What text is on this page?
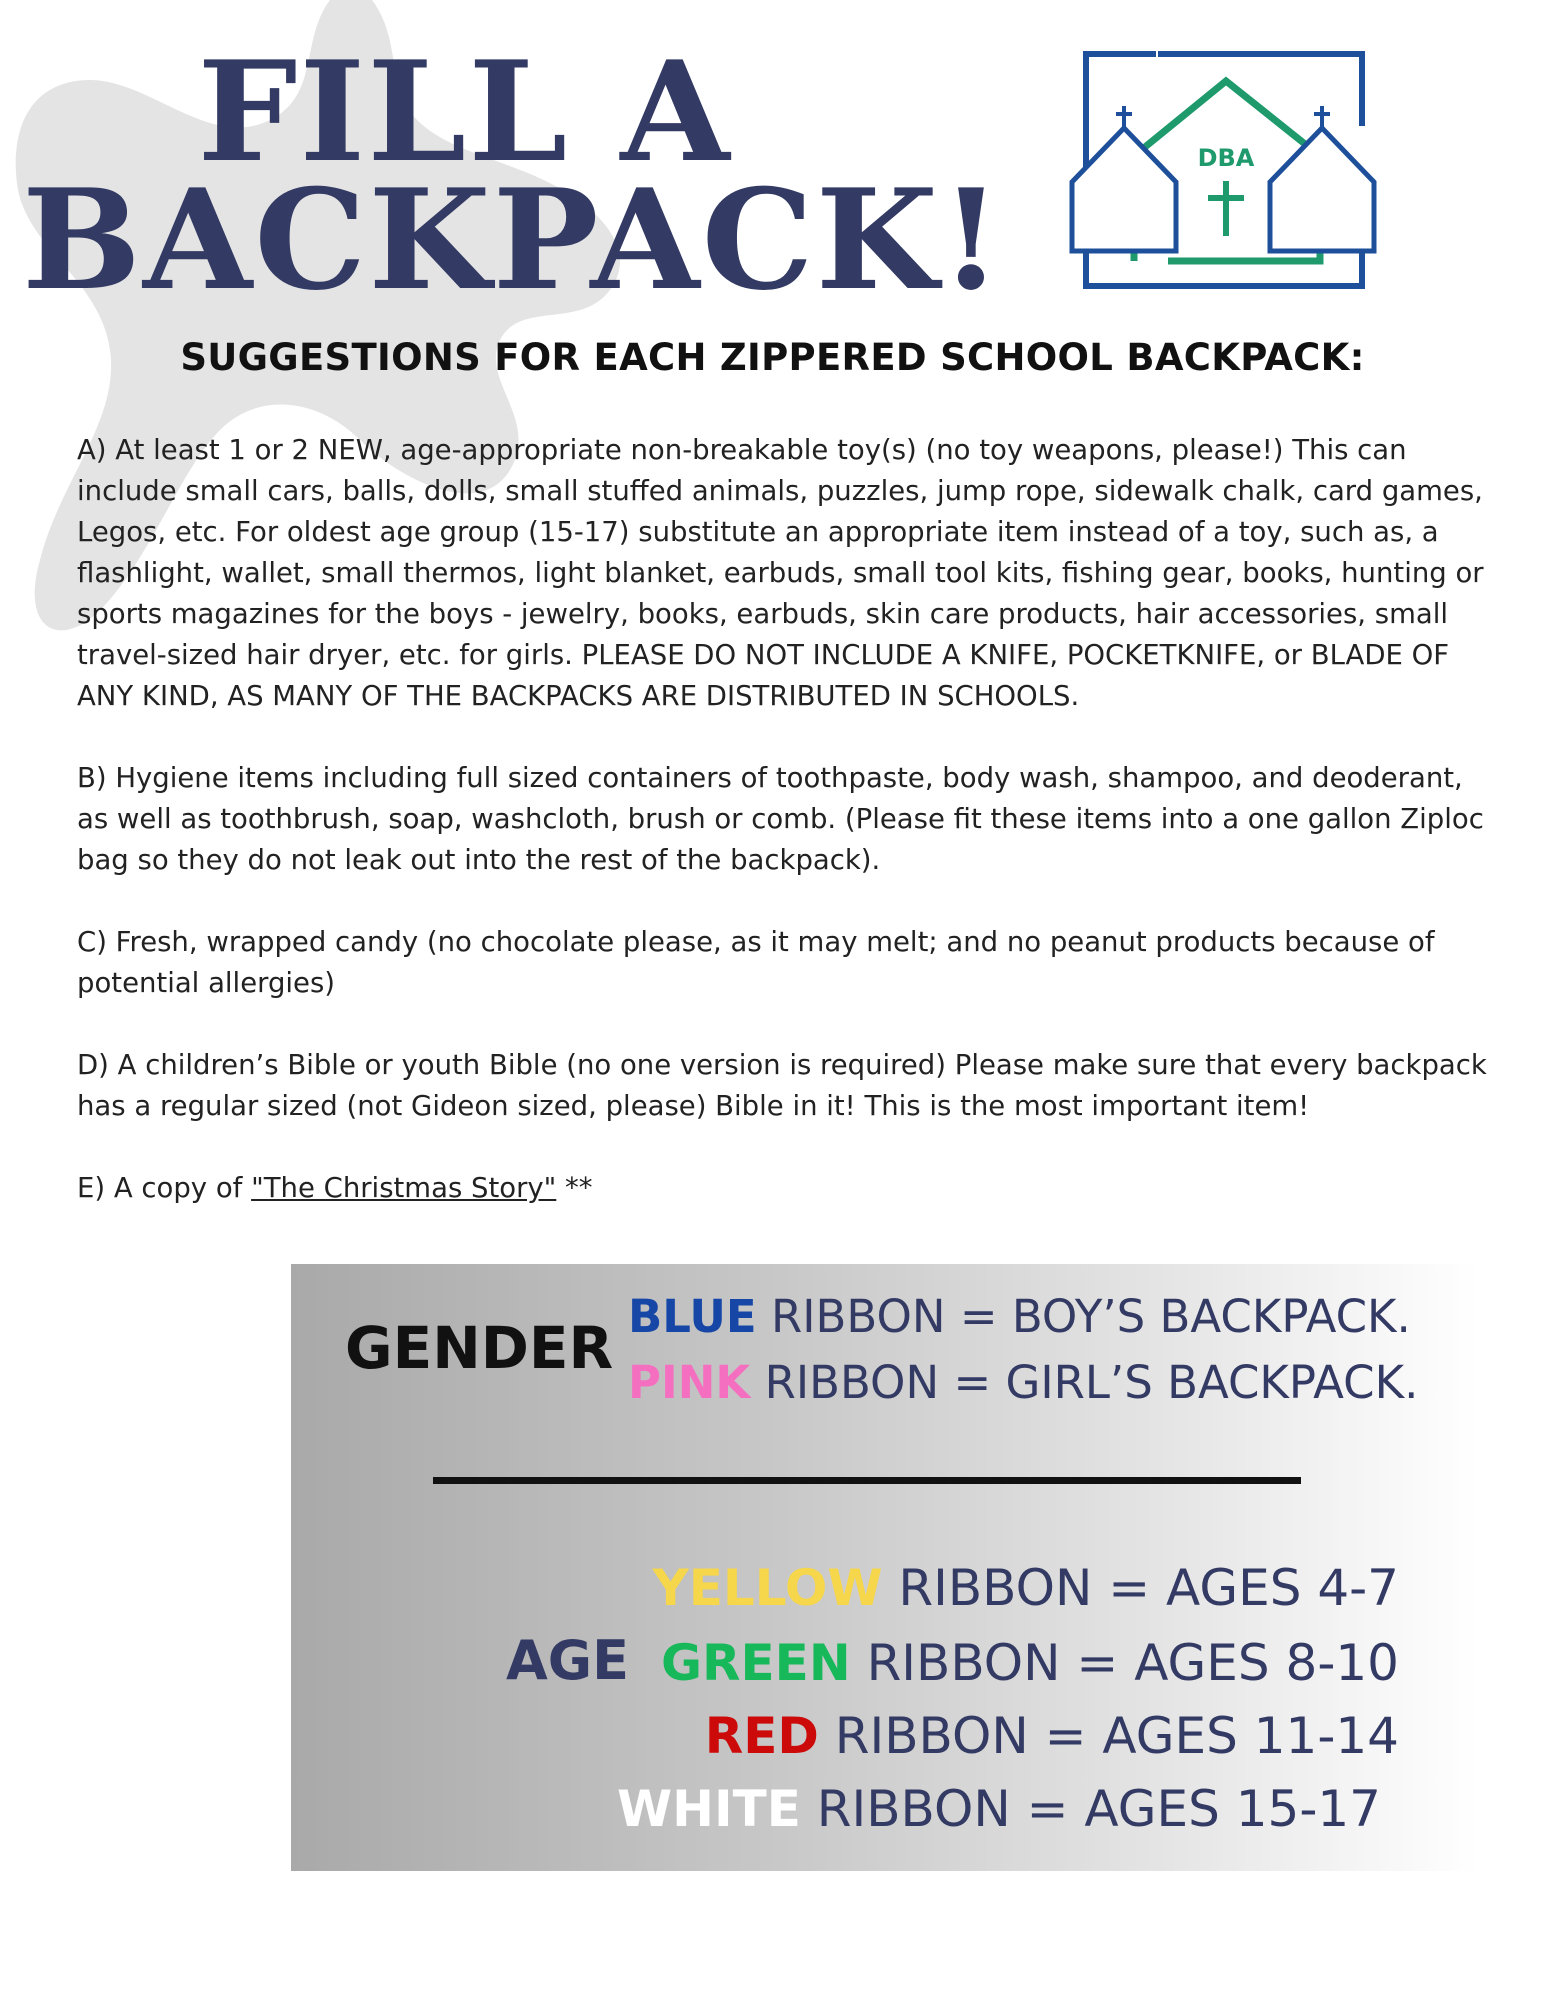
FILL A
BACKPACK!	DBA
SUGGESTIONS FOR EACH ZIPPERED SCHOOL BACKPACK:

A) At least 1 or 2 NEW, age-appropriate non-breakable toy(s) (no toy weapons, please!) This can include small cars, balls, dolls, small stuffed animals, puzzles, jump rope, sidewalk chalk, card games, Legos, etc. For oldest age group (15-17) substitute an appropriate item instead of a toy, such as, a flashlight, wallet, small thermos, light blanket, earbuds, small tool kits, fishing gear, books, hunting or sports magazines for the boys - jewelry, books, earbuds, skin care products, hair accessories, small travel-sized hair dryer, etc. for girls. PLEASE DO NOT INCLUDE A KNIFE, POCKETKNIFE, or BLADE OF ANY KIND, AS MANY OF THE BACKPACKS ARE DISTRIBUTED IN SCHOOLS.

B) Hygiene items including full sized containers of toothpaste, body wash, shampoo, and deoderant, as well as toothbrush, soap, washcloth, brush or comb. (Please fit these items into a one gallon Ziploc bag so they do not leak out into the rest of the backpack).

C) Fresh, wrapped candy (no chocolate please, as it may melt; and no peanut products because of potential allergies)

D) A children’s Bible or youth Bible (no one version is required) Please make sure that every backpack has a regular sized (not Gideon sized, please) Bible in it! This is the most important item!

E) A copy of "The Christmas Story" **

GENDER BLUE RIBBON = BOY’S BACKPACK.
PINK RIBBON = GIRL’S BACKPACK.
AGE
YELLOW RIBBON = AGES 4-7
GREEN RIBBON = AGES 8-10
RED RIBBON = AGES 11-14
WHITE RIBBON = AGES 15-17
